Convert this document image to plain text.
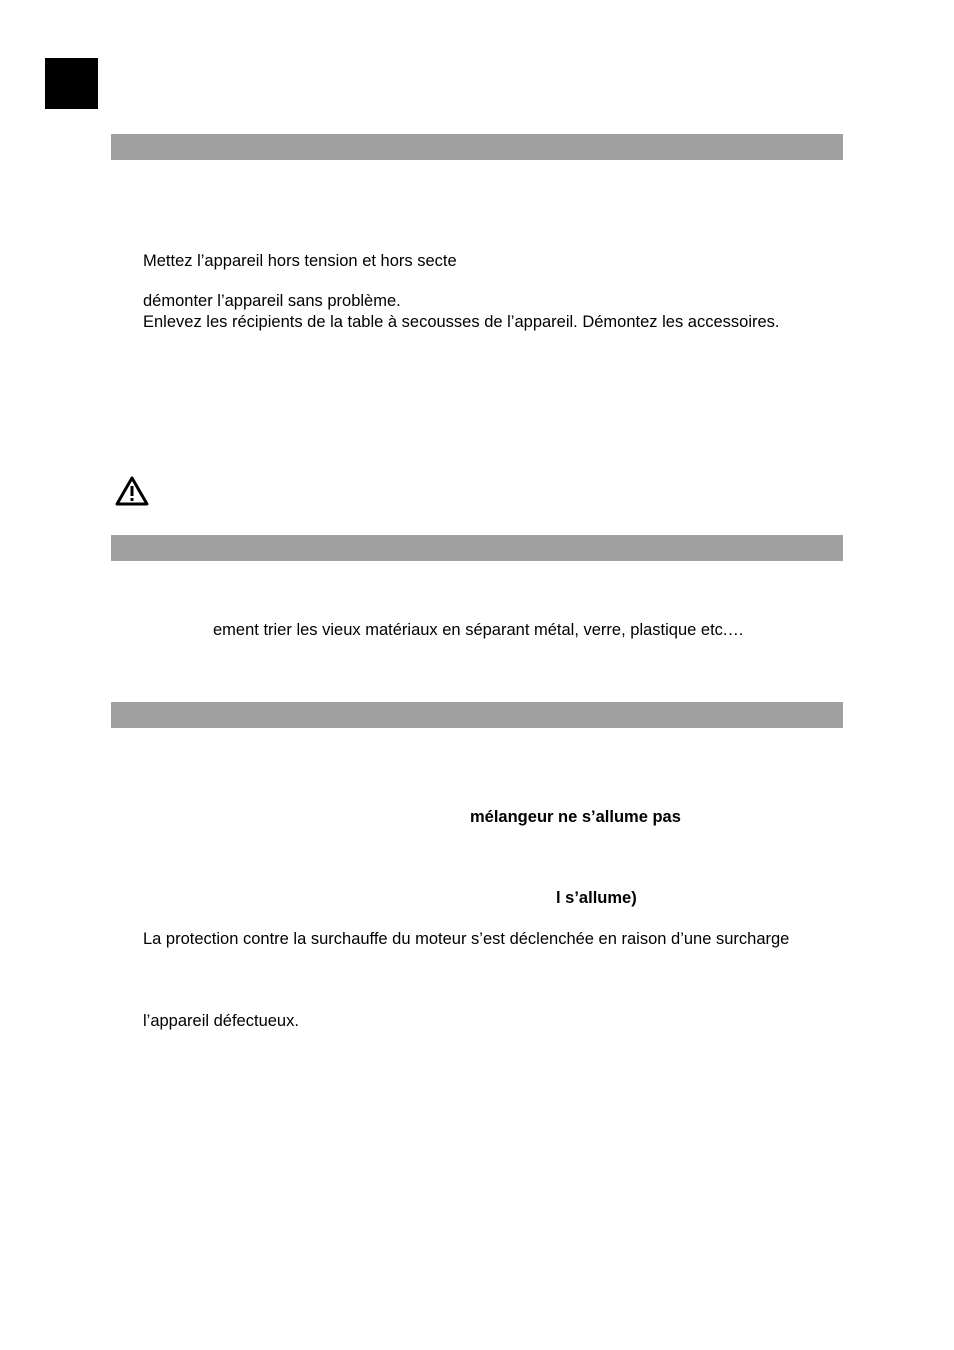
Mettez l’appareil hors tension et hors secte
démonter l’appareil sans problème.
Enlevez les récipients de la table à secousses de l’appareil. Démontez les accessoires.
ement trier les vieux matériaux en séparant métal, verre, plastique etc.…
mélangeur ne s’allume pas
l s’allume)
La protection contre la surchauffe du moteur s’est déclenchée en raison d’une surcharge
l’appareil défectueux.
